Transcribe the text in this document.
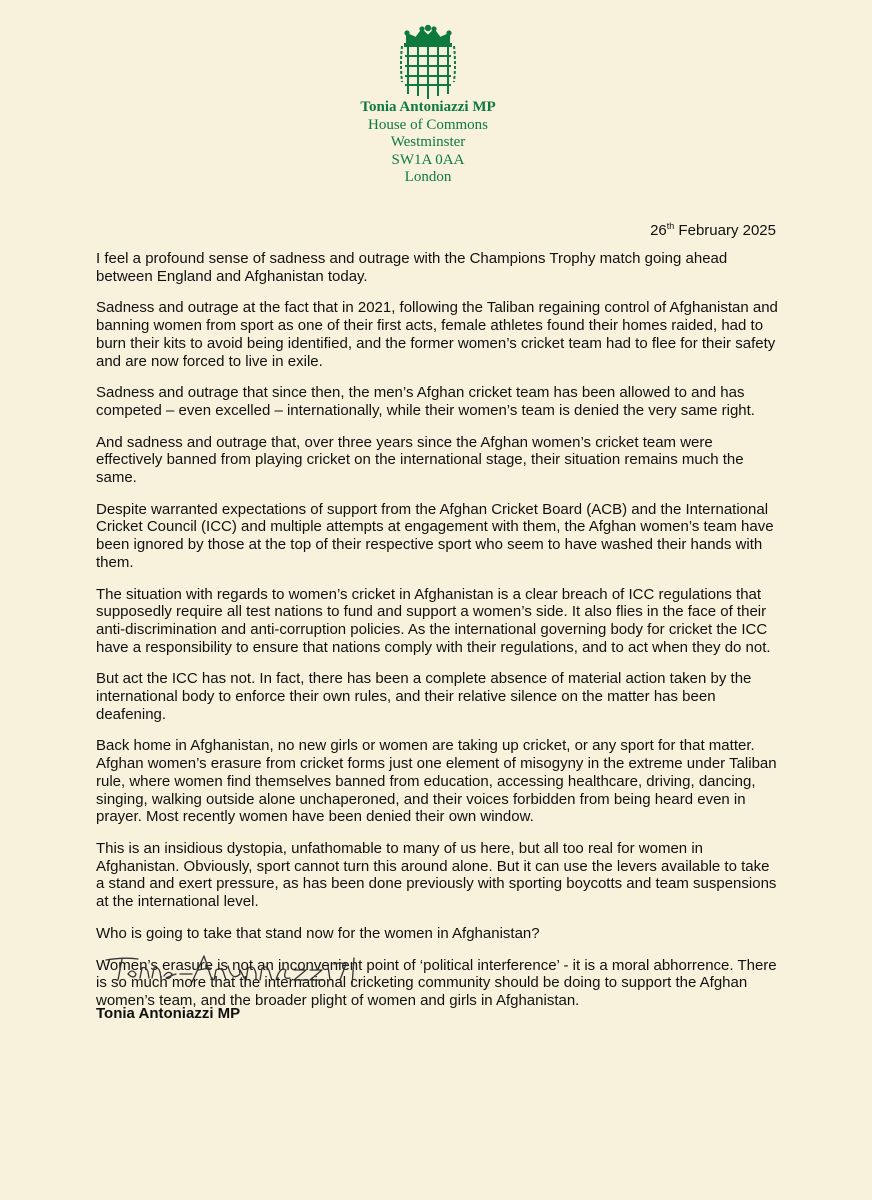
Tonia Antoniazzi MP
House of Commons
Westminster
SW1A 0AA
London
26th February 2025

I feel a profound sense of sadness and outrage with the Champions Trophy match going ahead between England and Afghanistan today.

Sadness and outrage at the fact that in 2021, following the Taliban regaining control of Afghanistan and banning women from sport as one of their first acts, female athletes found their homes raided, had to burn their kits to avoid being identified, and the former women’s cricket team had to flee for their safety and are now forced to live in exile.

Sadness and outrage that since then, the men’s Afghan cricket team has been allowed to and has competed – even excelled – internationally, while their women’s team is denied the very same right.

And sadness and outrage that, over three years since the Afghan women’s cricket team were effectively banned from playing cricket on the international stage, their situation remains much the same.

Despite warranted expectations of support from the Afghan Cricket Board (ACB) and the International Cricket Council (ICC) and multiple attempts at engagement with them, the Afghan women’s team have been ignored by those at the top of their respective sport who seem to have washed their hands with them.

The situation with regards to women’s cricket in Afghanistan is a clear breach of ICC regulations that supposedly require all test nations to fund and support a women’s side. It also flies in the face of their anti-discrimination and anti-corruption policies. As the international governing body for cricket the ICC have a responsibility to ensure that nations comply with their regulations, and to act when they do not.

But act the ICC has not. In fact, there has been a complete absence of material action taken by the international body to enforce their own rules, and their relative silence on the matter has been deafening.

Back home in Afghanistan, no new girls or women are taking up cricket, or any sport for that matter. Afghan women’s erasure from cricket forms just one element of misogyny in the extreme under Taliban rule, where women find themselves banned from education, accessing healthcare, driving, dancing, singing, walking outside alone unchaperoned, and their voices forbidden from being heard even in prayer. Most recently women have been denied their own window.

This is an insidious dystopia, unfathomable to many of us here, but all too real for women in Afghanistan. Obviously, sport cannot turn this around alone. But it can use the levers available to take a stand and exert pressure, as has been done previously with sporting boycotts and team suspensions at the international level.

Who is going to take that stand now for the women in Afghanistan?

Women’s erasure is not an inconvenient point of ‘political interference’ - it is a moral abhorrence. There is so much more that the international cricketing community should be doing to support the Afghan women’s team, and the broader plight of women and girls in Afghanistan.

Tonia Antoniazzi MP
